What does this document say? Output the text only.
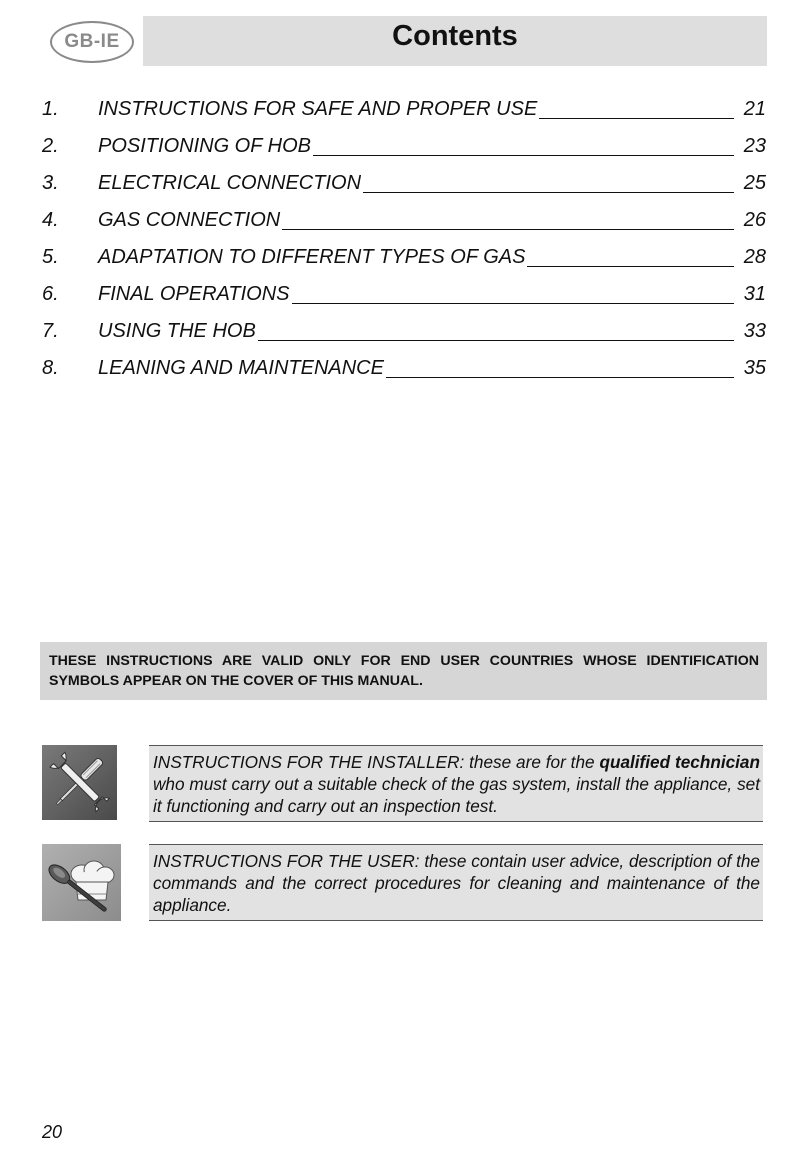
GB-IE	Contents
1. INSTRUCTIONS FOR SAFE AND PROPER USE	21
2. POSITIONING OF HOB	23
3. ELECTRICAL CONNECTION	25
4. GAS CONNECTION	26
5. ADAPTATION TO DIFFERENT TYPES OF GAS	28
6. FINAL OPERATIONS	31
7. USING THE HOB	33
8. LEANING AND MAINTENANCE	35
THESE INSTRUCTIONS ARE VALID ONLY FOR END USER COUNTRIES WHOSE IDENTIFICATION SYMBOLS APPEAR ON THE COVER OF THIS MANUAL.
INSTRUCTIONS FOR THE INSTALLER: these are for the qualified technician who must carry out a suitable check of the gas system, install the appliance, set it functioning and carry out an inspection test.
INSTRUCTIONS FOR THE USER: these contain user advice, description of the commands and the correct procedures for cleaning and maintenance of the appliance.
20
